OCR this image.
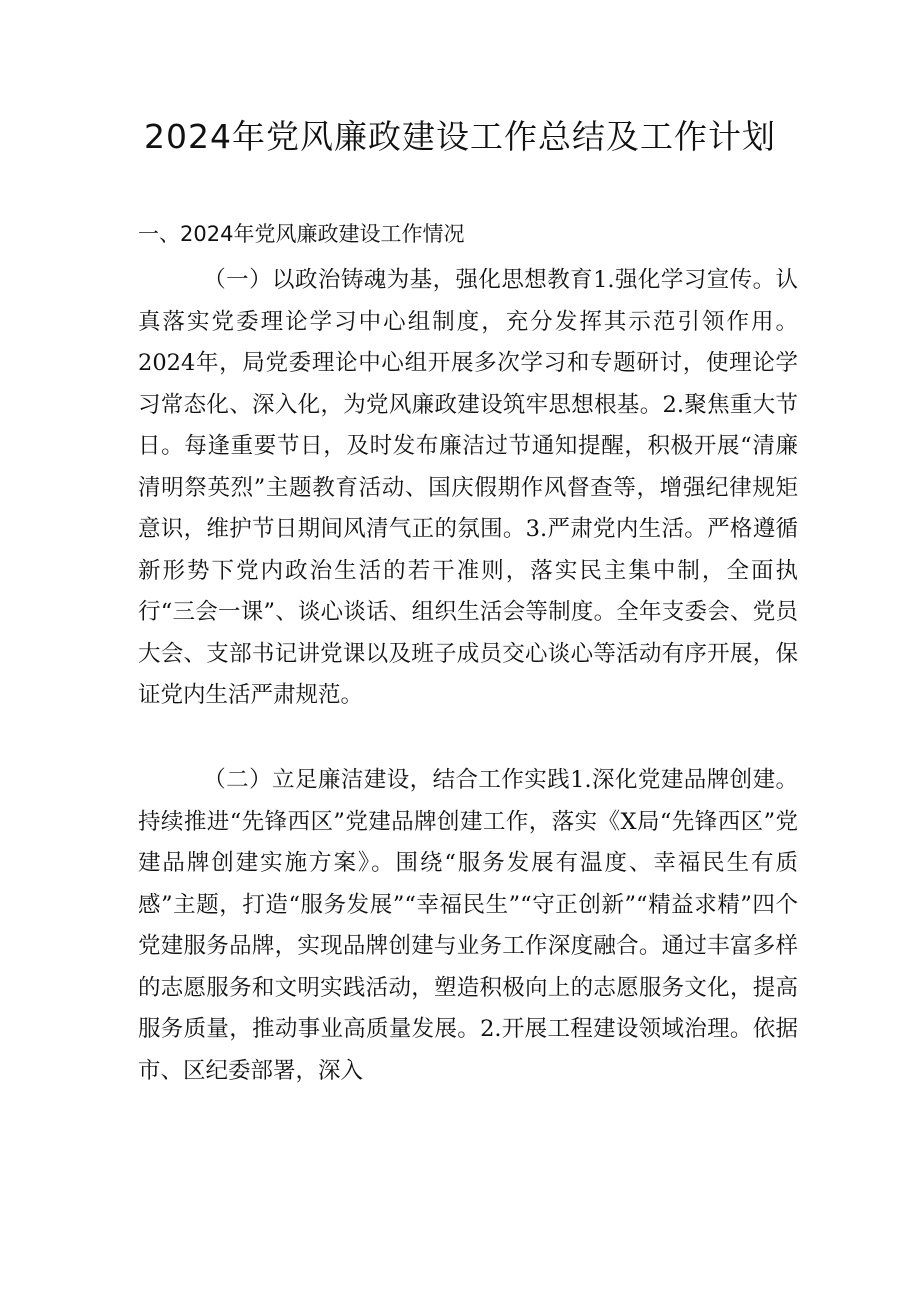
2024年党风廉政建设工作总结及工作计划
一、2024年党风廉政建设工作情况

（一）以政治铸魂为基，强化思想教育1.强化学习宣传。认真落实党委理论学习中心组制度，充分发挥其示范引领作用。2024年，局党委理论中心组开展多次学习和专题研讨，使理论学习常态化、深入化，为党风廉政建设筑牢思想根基。2.聚焦重大节日。每逢重要节日，及时发布廉洁过节通知提醒，积极开展“清廉清明祭英烈”主题教育活动、国庆假期作风督查等，增强纪律规矩意识，维护节日期间风清气正的氛围。3.严肃党内生活。严格遵循新形势下党内政治生活的若干准则，落实民主集中制，全面执行“三会一课”、谈心谈话、组织生活会等制度。全年支委会、党员大会、支部书记讲党课以及班子成员交心谈心等活动有序开展，保证党内生活严肃规范。

（二）立足廉洁建设，结合工作实践1.深化党建品牌创建。持续推进“先锋西区”党建品牌创建工作，落实《X局“先锋西区”党建品牌创建实施方案》。围绕“服务发展有温度、幸福民生有质感”主题，打造“服务发展”“幸福民生”“守正创新”“精益求精”四个党建服务品牌，实现品牌创建与业务工作深度融合。通过丰富多样的志愿服务和文明实践活动，塑造积极向上的志愿服务文化，提高服务质量，推动事业高质量发展。2.开展工程建设领域治理。依据市、区纪委部署，深入
